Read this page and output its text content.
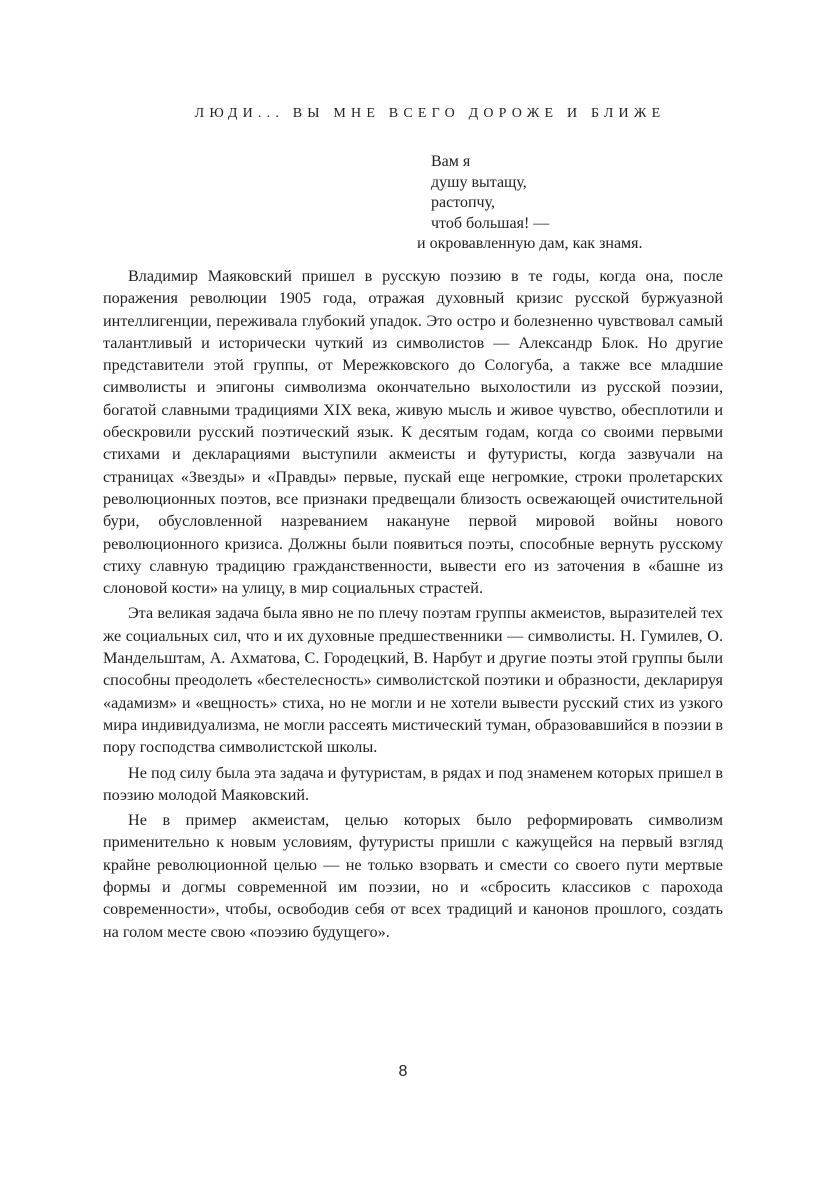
ЛЮДИ... ВЫ МНЕ ВСЕГО ДОРОЖЕ И БЛИЖЕ
Вам я
душу вытащу,
растопчу,
чтоб большая! —
и окровавленную дам, как знамя.

Владимир Маяковский пришел в русскую поэзию в те годы, когда она, после поражения революции 1905 года, отражая духовный кризис русской буржуазной интеллигенции, переживала глубокий упадок. Это остро и болезненно чувствовал самый талантливый и исторически чуткий из символистов — Александр Блок. Но другие представители этой группы, от Мережковского до Сологуба, а также все младшие символисты и эпигоны символизма окончательно выхолостили из русской поэзии, богатой славными традициями XIX века, живую мысль и живое чувство, обесплотили и обескровили русский поэтический язык. К десятым годам, когда со своими первыми стихами и декларациями выступили акмеисты и футуристы, когда зазвучали на страницах «Звезды» и «Правды» первые, пускай еще негромкие, строки пролетарских революционных поэтов, все признаки предвещали близость освежающей очистительной бури, обусловленной назреванием накануне первой мировой войны нового революционного кризиса. Должны были появиться поэты, способные вернуть русскому стиху славную традицию гражданственности, вывести его из заточения в «башне из слоновой кости» на улицу, в мир социальных страстей.

Эта великая задача была явно не по плечу поэтам группы акмеистов, выразителей тех же социальных сил, что и их духовные предшественники — символисты. Н. Гумилев, О. Мандельштам, А. Ахматова, С. Городецкий, В. Нарбут и другие поэты этой группы были способны преодолеть «бестелесность» символистской поэтики и образности, декларируя «адамизм» и «вещность» стиха, но не могли и не хотели вывести русский стих из узкого мира индивидуализма, не могли рассеять мистический туман, образовавшийся в поэзии в пору господства символистской школы.

Не под силу была эта задача и футуристам, в рядах и под знаменем которых пришел в поэзию молодой Маяковский.

Не в пример акмеистам, целью которых было реформировать символизм применительно к новым условиям, футуристы пришли с кажущейся на первый взгляд крайне революционной целью — не только взорвать и смести со своего пути мертвые формы и догмы современной им поэзии, но и «сбросить классиков с парохода современности», чтобы, освободив себя от всех традиций и канонов прошлого, создать на голом месте свою «поэзию будущего».

8
